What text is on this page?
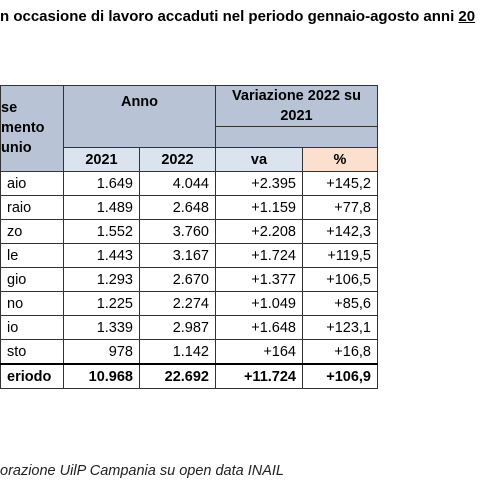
n occasione di lavoro accaduti nel periodo gennaio-agosto anni 20
se
mento
unio	Anno		Variazione 2022 su 2021	

	2021	2022	va	%
aio	1.649	4.044	+2.395	+145,2
raio	1.489	2.648	+1.159	+77,8
zo	1.552	3.760	+2.208	+142,3
le	1.443	3.167	+1.724	+119,5
gio	1.293	2.670	+1.377	+106,5
no	1.225	2.274	+1.049	+85,6
io	1.339	2.987	+1.648	+123,1
sto	978	1.142	+164	+16,8
eriodo	10.968	22.692	+11.724	+106,9
orazione UilP Campania su open data INAIL
